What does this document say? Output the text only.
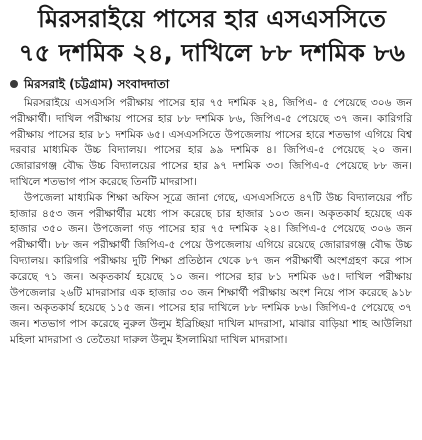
মিরসরাইয়ে পাসের হার এসএসসিতে
৭৫ দশমিক ২৪, দাখিলে ৮৮ দশমিক ৮৬
মিরসরাই (চট্টগ্রাম) সংবাদদাতা

মিরসরাইয়ে এসএসসি পরীক্ষায় পাসের হার ৭৫ দশমিক ২৪, জিপিএ- ৫ পেয়েছে ৩০৬ জন পরীক্ষার্থী। দাখিল পরীক্ষায় পাসের হার ৮৮ দশমিক ৮৬, জিপিএ-৫ পেয়েছে ৩৭ জন। কারিগরি পরীক্ষায় পাসের হার ৮১ দশমিক ৬৫। এসএসসিতে উপজেলায় পাসের হারে শতভাগ এগিয়ে বিশ্ব দরবার মাধ্যমিক উচ্চ বিদ্যালয়। পাসের হার ৯৯ দশমিক ৪। জিপিএ-৫ পেয়েছে ২০ জন। জোরারগঞ্জ বৌদ্ধ উচ্চ বিদ্যালয়ের পাসের হার ৯৭ দশমিক ৩৩। জিপিএ-৫ পেয়েছে ৮৮ জন। দাখিলে শতভাগ পাস করেছে তিনটি মাদরাসা।

উপজেলা মাধ্যমিক শিক্ষা অফিস সূত্রে জানা গেছে, এসএসসিতে ৪৭টি উচ্চ বিদ্যালয়ের পাঁচ হাজার ৪৫৩ জন পরীক্ষার্থীর মধ্যে পাস করেছে চার হাজার ১০৩ জন। অকৃতকার্য হয়েছে এক হাজার ৩৫০ জন। উপজেলা গড় পাসের হার ৭৫ দশমিক ২৪। জিপিএ-৫ পেয়েছে ৩০৬ জন পরীক্ষার্থী। ৮৮ জন পরীক্ষার্থী জিপিএ-৫ পেয়ে উপজেলায় এগিয়ে রয়েছে জোরারগঞ্জ বৌদ্ধ উচ্চ বিদ্যালয়। কারিগরি পরীক্ষায় দুটি শিক্ষা প্রতিষ্ঠান থেকে ৮৭ জন পরীক্ষার্থী অংশগ্রহণ করে পাস করেছে ৭১ জন। অকৃতকার্য হয়েছে ১০ জন। পাসের হার ৮১ দশমিক ৬৫। দাখিল পরীক্ষায় উপজেলার ২৬টি মাদরাসার এক হাজার ৩০ জন শিক্ষার্থী পরীক্ষায় অংশ নিয়ে পাস করেছে ৯১৮ জন। অকৃতকার্য হয়েছে ১১৫ জন। পাসের হার দাখিলে ৮৮ দশমিক ৮৬। জিপিএ-৫ পেয়েছে ৩৭ জন। শতভাগ পাস করেছে নুরুল উলুম ইব্রিচ্ছিয়া দাখিল মাদরাসা, মাঝার বাড়িয়া শাহ আউলিয়া মহিলা মাদরাসা ও তেতৈয়া দারুল উলুম ইসলামিয়া দাখিল মাদরাসা।
